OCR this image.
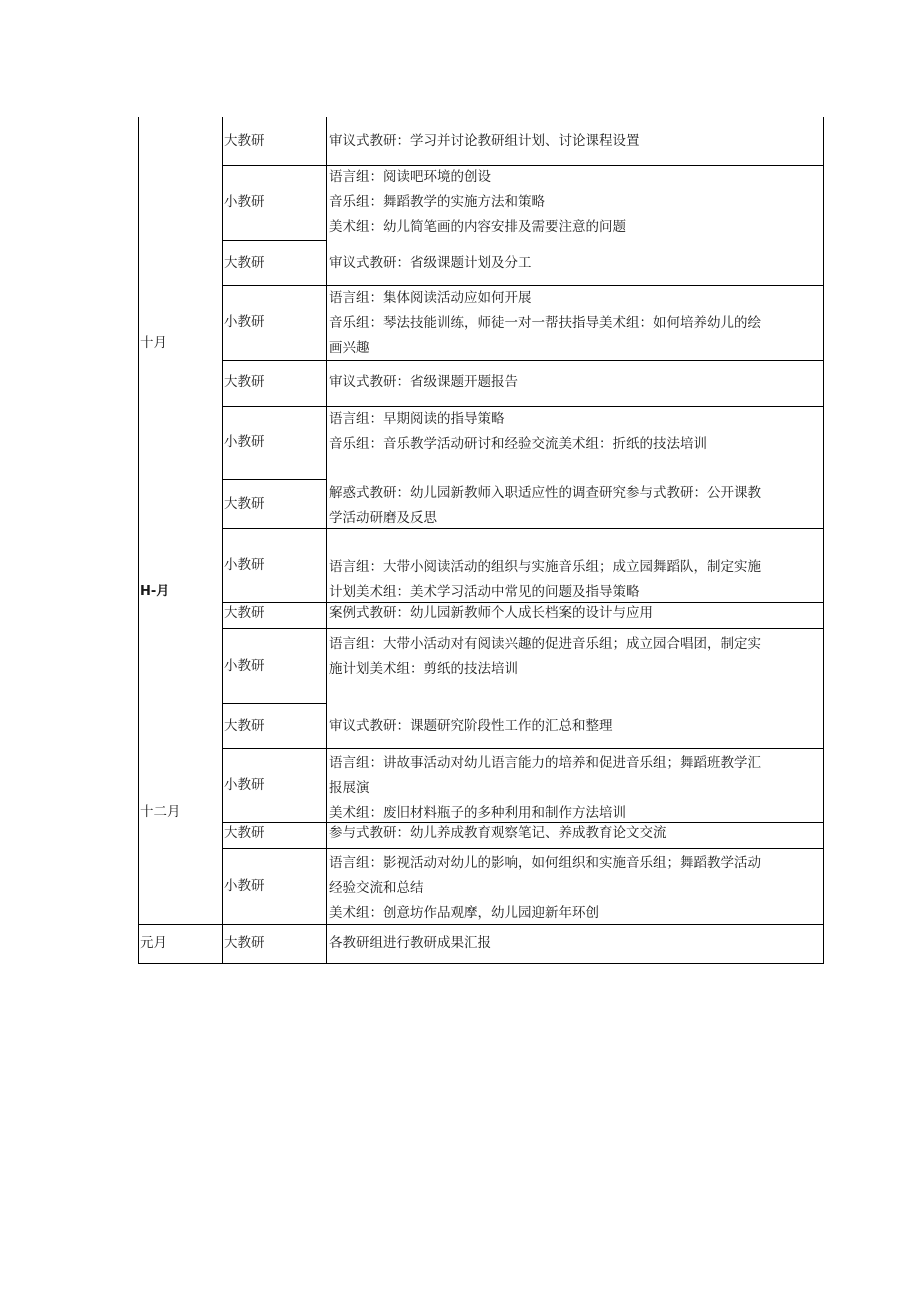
十月
H-月
十二月
元月
大教研
小教研
大教研
小教研
大教研
小教研
大教研
小教研
大教研
小教研
大教研
小教研
大教研
小教研
大教研
审议式教研：学习并讨论教研组计划、讨论课程设置
语言组：阅读吧环境的创设
音乐组：舞蹈教学的实施方法和策略
美术组：幼儿简笔画的内容安排及需要注意的问题
审议式教研：省级课题计划及分工
语言组：集体阅读活动应如何开展
音乐组：琴法技能训练，师徒一对一帮扶指导美术组：如何培养幼儿的绘
画兴趣
审议式教研：省级课题开题报告
语言组：早期阅读的指导策略
音乐组：音乐教学活动研讨和经验交流美术组：折纸的技法培训
解惑式教研：幼儿园新教师入职适应性的调查研究参与式教研：公开课教
学活动研磨及反思
语言组：大带小阅读活动的组织与实施音乐组；成立园舞蹈队，制定实施
计划美术组：美术学习活动中常见的问题及指导策略
案例式教研：幼儿园新教师个人成长档案的设计与应用
语言组：大带小活动对有阅读兴趣的促进音乐组；成立园合唱团，制定实
施计划美术组：剪纸的技法培训
审议式教研：课题研究阶段性工作的汇总和整理
语言组：讲故事活动对幼儿语言能力的培养和促进音乐组；舞蹈班教学汇
报展演
美术组：废旧材料瓶子的多种利用和制作方法培训
参与式教研：幼儿养成教育观察笔记、养成教育论文交流
语言组：影视活动对幼儿的影响，如何组织和实施音乐组；舞蹈教学活动
经验交流和总结
美术组：创意坊作品观摩，幼儿园迎新年环创
各教研组进行教研成果汇报
